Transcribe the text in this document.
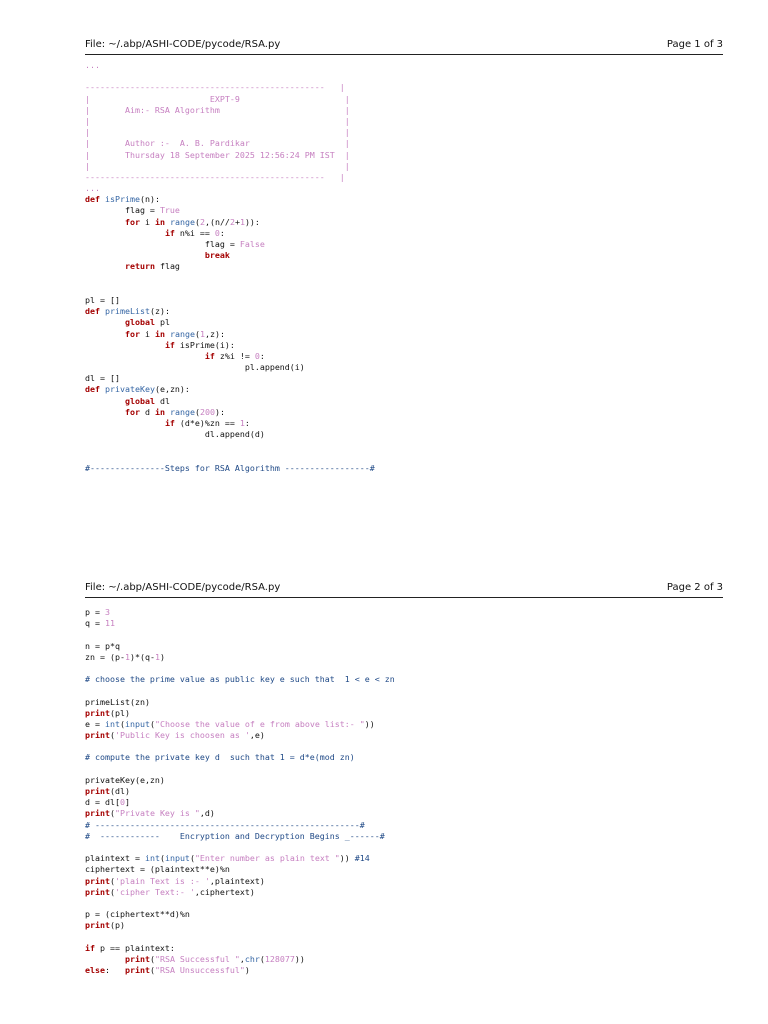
File: ~/.abp/ASHI-CODE/pycode/RSA.py	Page 1 of 3
...
------------------------------------------------   |
|                        EXPT-9                     |
|       Aim:- RSA Algorithm                         |
|                                                   |
|                                                   |
|       Author :-  A. B. Pardikar                   |
|       Thursday 18 September 2025 12:56:24 PM IST  |
|                                                   |
------------------------------------------------   |
...
def isPrime(n):
flag = True
for i in range(2,(n//2+1)):
if n%i == 0:
flag = False
break
return flag
pl = []
def primeList(z):
global pl
for i in range(1,z):
if isPrime(i):
if z%i != 0:
pl.append(i)
dl = []
def privateKey(e,zn):
global dl
for d in range(200):
if (d*e)%zn == 1:
dl.append(d)
#---------------Steps for RSA Algorithm -----------------#
File: ~/.abp/ASHI-CODE/pycode/RSA.py	Page 2 of 3
p = 3
q = 11
n = p*q
zn = (p-1)*(q-1)
# choose the prime value as public key e such that  1 < e < zn
primeList(zn)
print(pl)
e = int(input("Choose the value of e from above list:- "))
print('Public Key is choosen as ',e)
# compute the private key d  such that 1 = d*e(mod zn)
privateKey(e,zn)
print(dl)
d = dl[0]
print("Private Key is ",d)
# -----------------------------------------------------#
#  ------------    Encryption and Decryption Begins _------#
plaintext = int(input("Enter number as plain text ")) #14
ciphertext = (plaintext**e)%n
print('plain Text is :- ',plaintext)
print('cipher Text:- ',ciphertext)
p = (ciphertext**d)%n
print(p)
if p == plaintext:
print("RSA Successful ",chr(128077))
else:   print("RSA Unsuccessful")
